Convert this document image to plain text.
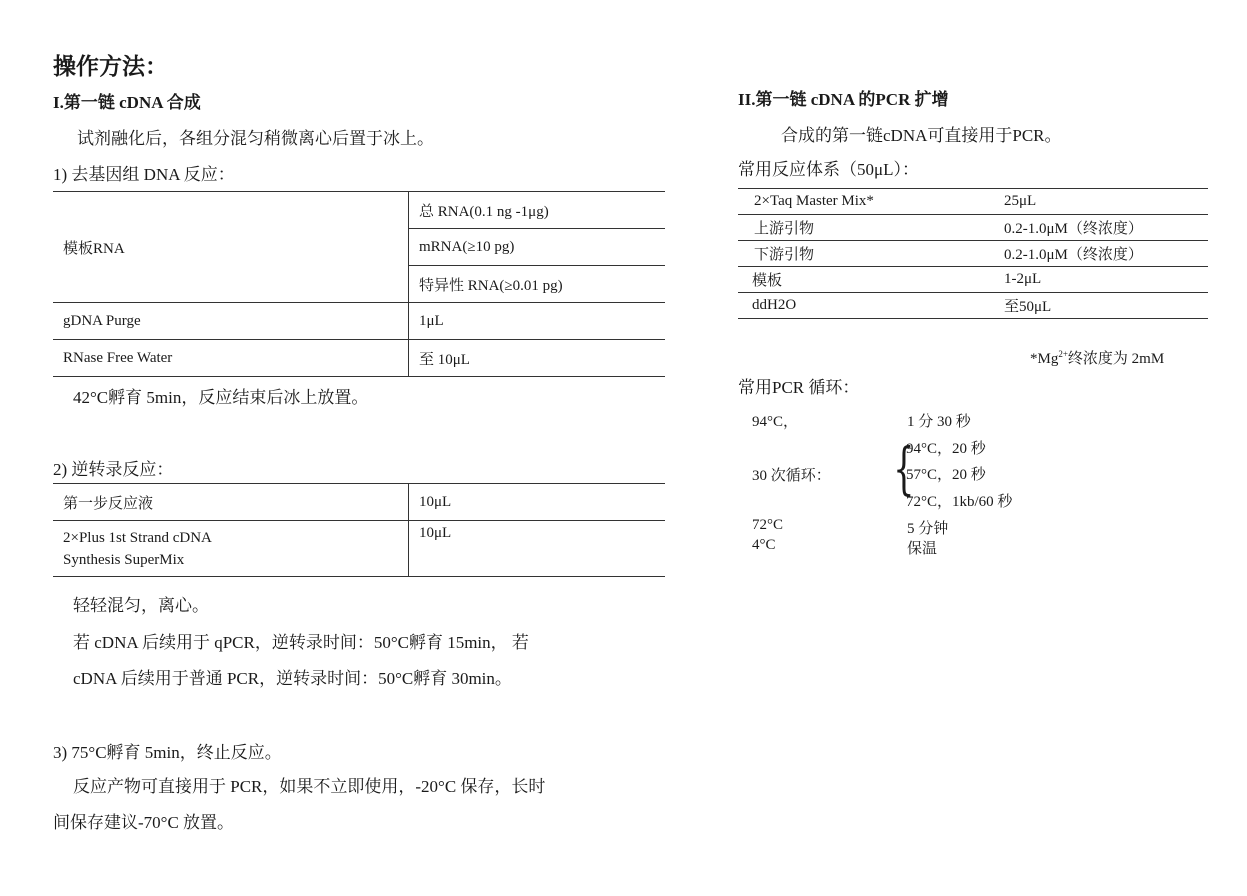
操作方法：
I.第一链 cDNA 合成
试剂融化后，各组分混匀稍微离心后置于冰上。
1) 去基因组 DNA 反应：
模板RNA	总 RNA(0.1 ng -1μg)
	mRNA(≥10 pg)
	特异性 RNA(≥0.01 pg)
gDNA Purge	1μL
RNase Free Water	至 10μL
42°C孵育 5min，反应结束后冰上放置。
2) 逆转录反应：
第一步反应液	10μL

2×Plus 1st Strand cDNA
Synthesis SuperMix	10μL
轻轻混匀，离心。
若 cDNA 后续用于 qPCR，逆转录时间：50°C孵育 15min， 若
cDNA 后续用于普通 PCR，逆转录时间：50°C孵育 30min。
3) 75°C孵育 5min，终止反应。
反应产物可直接用于 PCR，如果不立即使用，-20°C 保存，长时
间保存建议-70°C 放置。
II.第一链 cDNA 的PCR 扩增
合成的第一链cDNA可直接用于PCR。
常用反应体系（50μL）：
2×Taq Master Mix*	25μL
上游引物	0.2-1.0μM（终浓度）
下游引物	0.2-1.0μM（终浓度）
模板	1-2μL
ddH2O	至50μL
$*Mg^{2+}$终浓度为 2mM
常用PCR 循环：
94°C，	1 分 30 秒
30 次循环： {
94°C，20 秒
57°C，20 秒
72°C，1kb/60 秒
72°C	5 分钟
4°C	保温
